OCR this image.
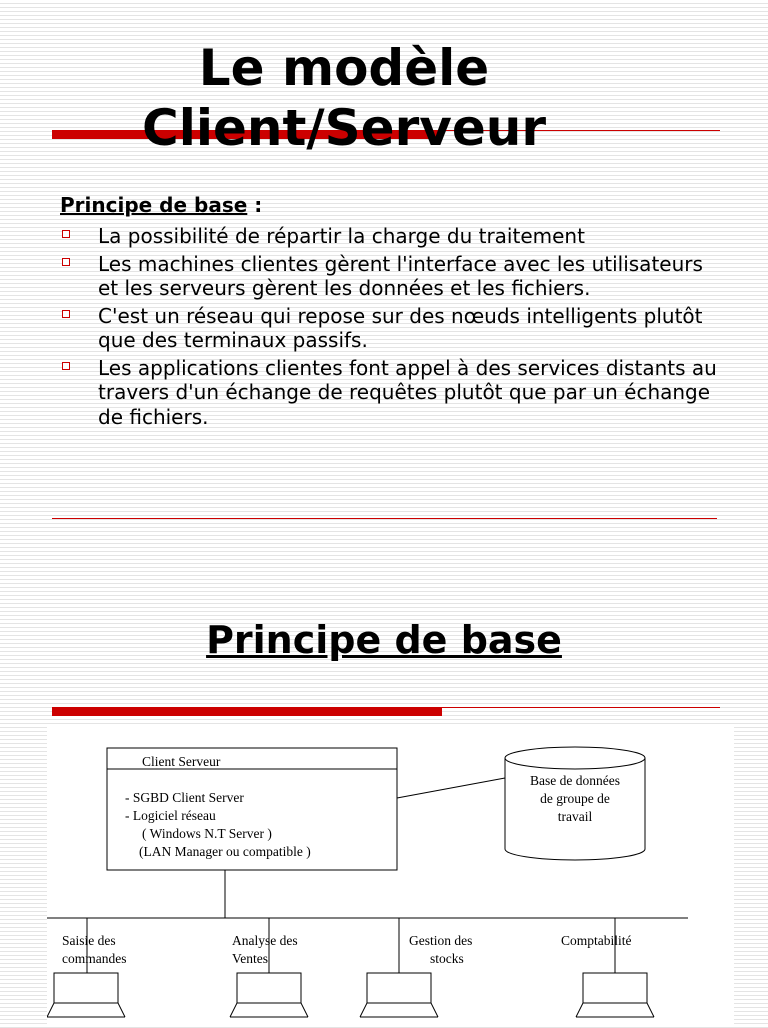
Le modèle
Client/Serveur

Principe de base :

La possibilité de répartir la charge du traitement
Les machines clientes gèrent l'interface avec les utilisateurs et les serveurs gèrent les données et les fichiers.
C'est un réseau qui repose sur des nœuds intelligents plutôt que des terminaux passifs.
Les applications clientes font appel à des services distants au travers d'un échange de requêtes plutôt que par un échange de fichiers.
Principe de base
Client Serveur
- SGBD Client Server
- Logiciel réseau
( Windows N.T Server )
(LAN Manager ou compatible )
Base de données
de groupe de
travail
Saisie des
commandes
Analyse des
Ventes
Gestion des
stocks
Comptabilité
